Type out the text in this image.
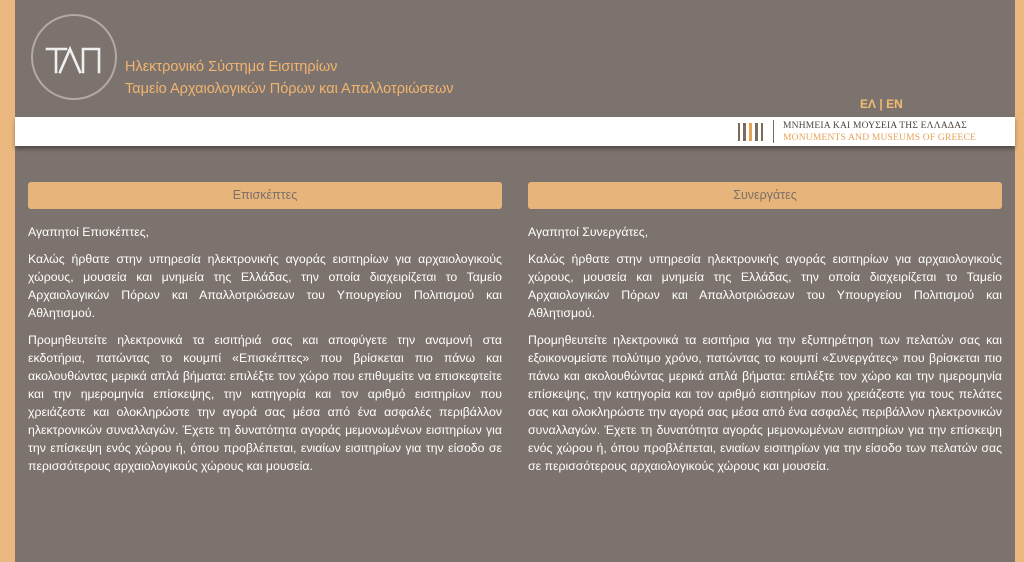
Ηλεκτρονικό Σύστημα Εισιτηρίων
Ταμείο Αρχαιολογικών Πόρων και Απαλλοτριώσεων
ΕΛ | EN
ΜΝΗΜΕΙΑ ΚΑΙ ΜΟΥΣΕΙΑ ΤΗΣ ΕΛΛΑΔΑΣ
MONUMENTS AND MUSEUMS OF GREECE
Επισκέπτες

Αγαπητοί Επισκέπτες,

Καλώς ήρθατε στην υπηρεσία ηλεκτρονικής αγοράς εισιτηρίων για αρχαιολογικούς χώρους, μουσεία και μνημεία της Ελλάδας, την οποία διαχειρίζεται το Ταμείο Αρχαιολογικών Πόρων και Απαλλοτριώσεων του Υπουργείου Πολιτισμού και Αθλητισμού.

Προμηθευτείτε ηλεκτρονικά τα εισιτήριά σας και αποφύγετε την αναμονή στα εκδοτήρια, πατώντας το κουμπί «Επισκέπτες» που βρίσκεται πιο πάνω και ακολουθώντας μερικά απλά βήματα: επιλέξτε τον χώρο που επιθυμείτε να επισκεφτείτε και την ημερομηνία επίσκεψης, την κατηγορία και τον αριθμό εισιτηρίων που χρειάζεστε και ολοκληρώστε την αγορά σας μέσα από ένα ασφαλές περιβάλλον ηλεκτρονικών συναλλαγών. Έχετε τη δυνατότητα αγοράς μεμονωμένων εισιτηρίων για την επίσκεψη ενός χώρου ή, όπου προβλέπεται, ενιαίων εισιτηρίων για την είσοδο σε περισσότερους αρχαιολογικούς χώρους και μουσεία.

Συνεργάτες

Αγαπητοί Συνεργάτες,

Καλώς ήρθατε στην υπηρεσία ηλεκτρονικής αγοράς εισιτηρίων για αρχαιολογικούς χώρους, μουσεία και μνημεία της Ελλάδας, την οποία διαχειρίζεται το Ταμείο Αρχαιολογικών Πόρων και Απαλλοτριώσεων του Υπουργείου Πολιτισμού και Αθλητισμού.

Προμηθευτείτε ηλεκτρονικά τα εισιτήρια για την εξυπηρέτηση των πελατών σας και εξοικονομείστε πολύτιμο χρόνο, πατώντας το κουμπί «Συνεργάτες» που βρίσκεται πιο πάνω και ακολουθώντας μερικά απλά βήματα: επιλέξτε τον χώρο και την ημερομηνία επίσκεψης, την κατηγορία και τον αριθμό εισιτηρίων που χρειάζεστε για τους πελάτες σας και ολοκληρώστε την αγορά σας μέσα από ένα ασφαλές περιβάλλον ηλεκτρονικών συναλλαγών. Έχετε τη δυνατότητα αγοράς μεμονωμένων εισιτηρίων για την επίσκεψη ενός χώρου ή, όπου προβλέπεται, ενιαίων εισιτηρίων για την είσοδο των πελατών σας σε περισσότερους αρχαιολογικούς χώρους και μουσεία.
